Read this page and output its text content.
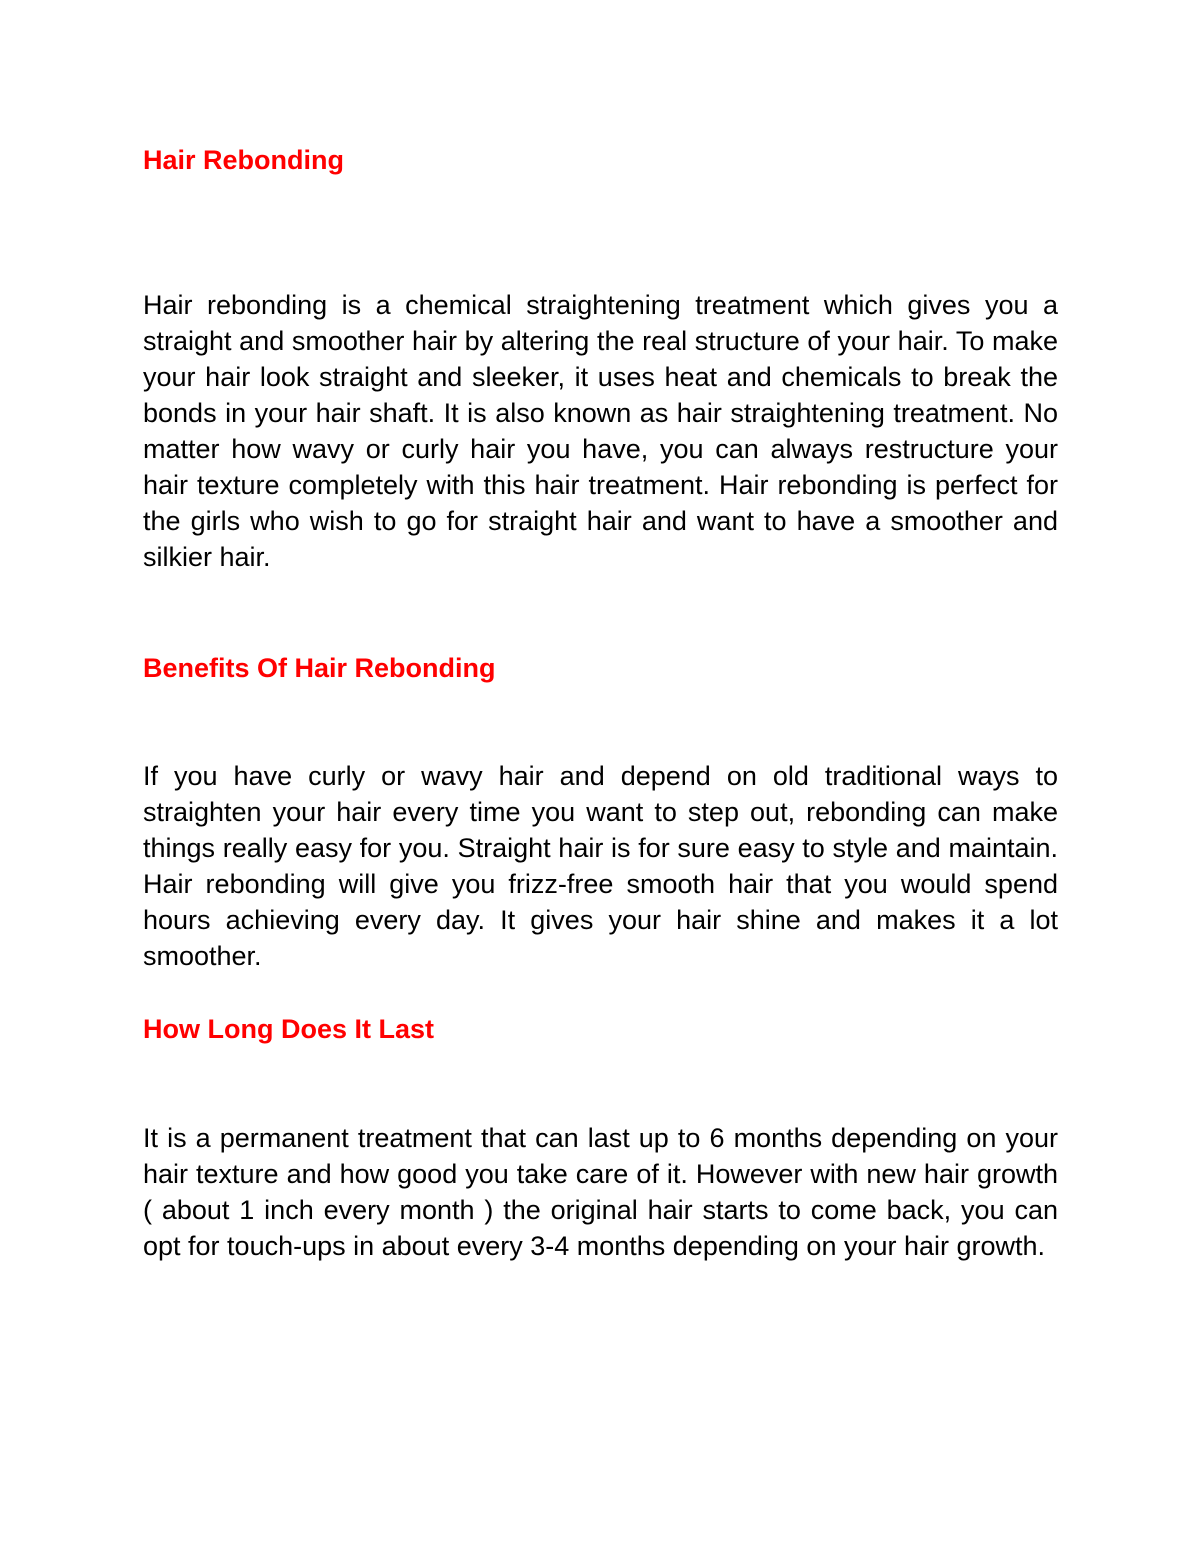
Hair Rebonding

Hair rebonding is a chemical straightening treatment which gives you a straight and smoother hair by altering the real structure of your hair. To make your hair look straight and sleeker, it uses heat and chemicals to break the bonds in your hair shaft. It is also known as hair straightening treatment. No matter how wavy or curly hair you have, you can always restructure your hair texture completely with this hair treatment. Hair rebonding is perfect for the girls who wish to go for straight hair and want to have a smoother and silkier hair.

Benefits Of Hair Rebonding

If you have curly or wavy hair and depend on old traditional ways to straighten your hair every time you want to step out, rebonding can make things really easy for you. Straight hair is for sure easy to style and maintain. Hair rebonding will give you frizz-free smooth hair that you would spend hours achieving every day. It gives your hair shine and makes it a lot smoother.

How Long Does It Last

It is a permanent treatment that can last up to 6 months depending on your hair texture and how good you take care of it. However with new hair growth ( about 1 inch every month ) the original hair starts to come back, you can opt for touch-ups in about every 3-4 months depending on your hair growth.
